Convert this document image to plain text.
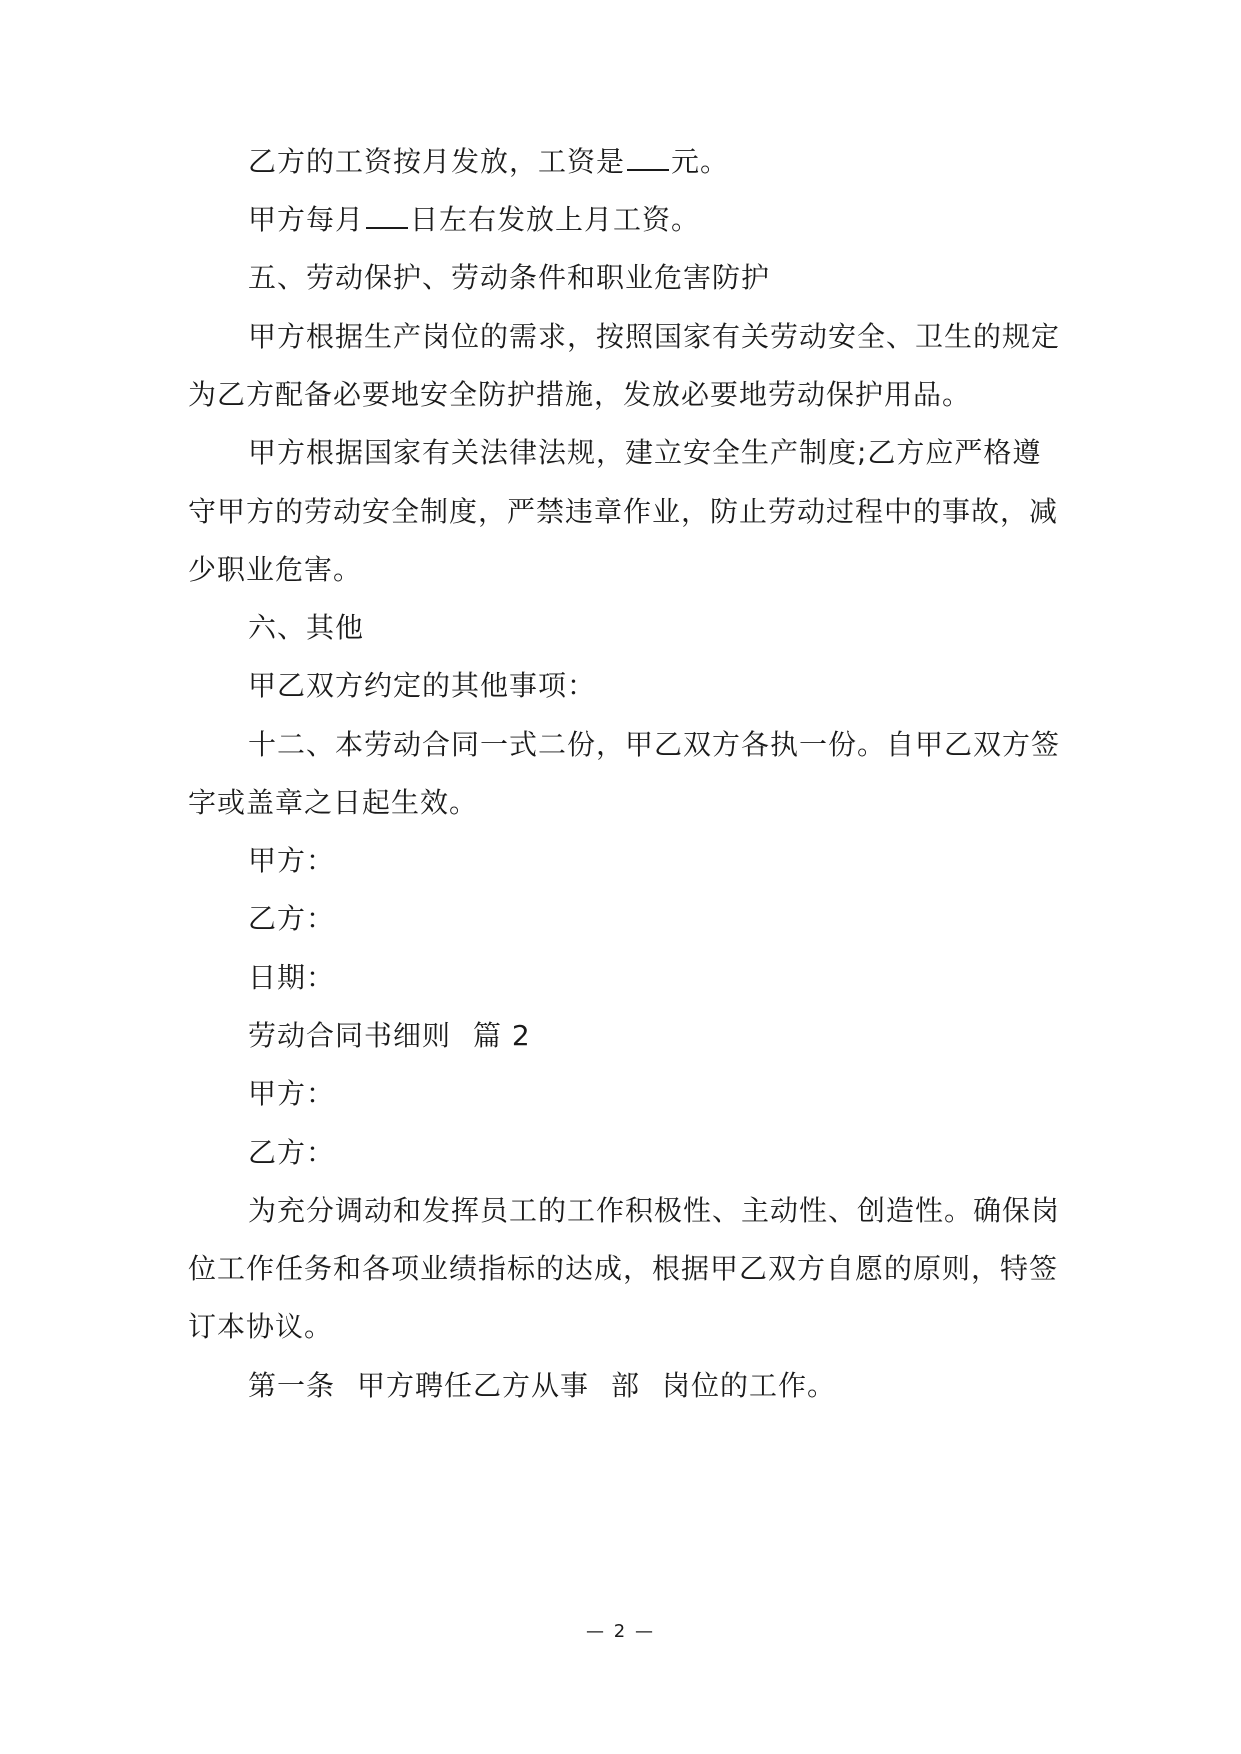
乙方的工资按月发放，工资是 元。
甲方每月 日左右发放上月工资。
五、劳动保护、劳动条件和职业危害防护
甲方根据生产岗位的需求，按照国家有关劳动安全、卫生的规定
为乙方配备必要地安全防护措施，发放必要地劳动保护用品。
甲方根据国家有关法律法规，建立安全生产制度;乙方应严格遵
守甲方的劳动安全制度，严禁违章作业，防止劳动过程中的事故，减
少职业危害。
六、其他
甲乙双方约定的其他事项：
十二、本劳动合同一式二份，甲乙双方各执一份。自甲乙双方签
字或盖章之日起生效。
甲方：
乙方：
日期：
劳动合同书细则 篇 2
甲方：
乙方：
为充分调动和发挥员工的工作积极性、主动性、创造性。确保岗
位工作任务和各项业绩指标的达成，根据甲乙双方自愿的原则，特签
订本协议。
第一条 甲方聘任乙方从事 部 岗位的工作。
— 2 —
